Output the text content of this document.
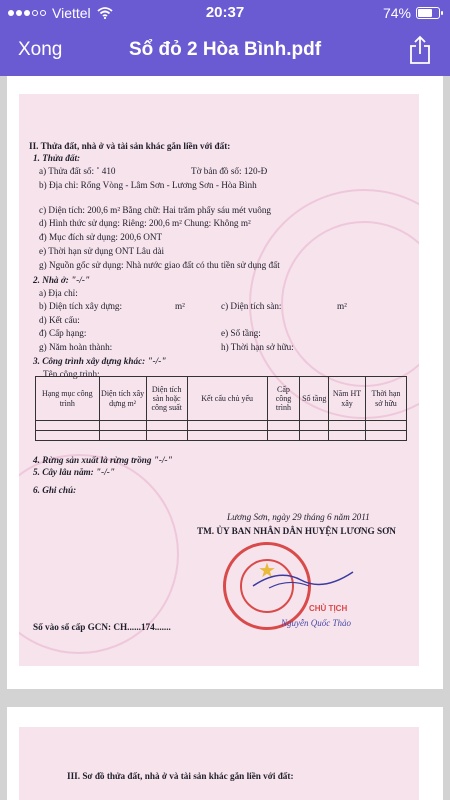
Viettel	20:37	74%
Xong	Sổ đỏ 2 Hòa Bình.pdf
II. Thửa đất, nhà ở và tài sản khác gắn liền với đất:
1. Thửa đất:
a) Thửa đất số: ˚ 410	Tờ bản đồ số: 120-Đ
b) Địa chỉ: Rổng Vòng - Lâm Sơn - Lương Sơn - Hòa Bình
c) Diện tích: 200,6 m² Bằng chữ: Hai trăm phẩy sáu mét vuông
d) Hình thức sử dụng: Riêng: 200,6 m² Chung: Không m²
đ) Mục đích sử dụng: 200,6 ONT
e) Thời hạn sử dụng ONT Lâu dài
g) Nguồn gốc sử dụng: Nhà nước giao đất có thu tiền sử dụng đất
2. Nhà ở: "-/-"
a) Địa chỉ:
b) Diện tích xây dựng:	m²	c) Diện tích sàn:	m²
d) Kết cấu:
e) Số tầng:
đ) Cấp hạng:
g) Năm hoàn thành:	h) Thời hạn sở hữu:
3. Công trình xây dựng khác: "-/-"
Tên công trình:
Hạng mục công trình	Diện tích xây dựng m²	Diện tích sàn hoặc công suất	Kết cấu chủ yếu	Cấp công trình	Số tầng	Năm HT xây	Thời hạn sở hữu

4. Rừng sản xuất là rừng trồng "-/-"
5. Cây lâu năm: "-/-"
6. Ghi chú:
Lương Sơn, ngày 29 tháng 6 năm 2011
TM. ỦY BAN NHÂN DÂN HUYỆN LƯƠNG SƠN
Số vào sổ cấp GCN: CH......174.......
★
CHỦ TỊCH
Nguyễn Quốc Thảo
III. Sơ đồ thửa đất, nhà ở và tài sản khác gắn liền với đất:
